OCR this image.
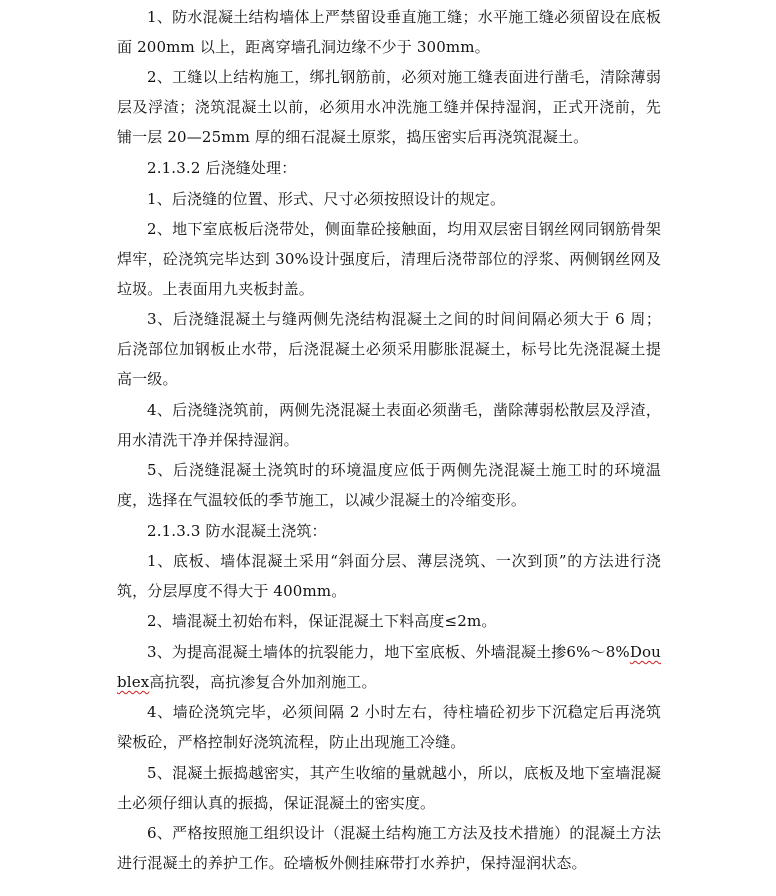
1、防水混凝土结构墙体上严禁留设垂直施工缝；水平施工缝必须留设在底板面 200mm 以上，距离穿墙孔洞边缘不少于 300mm。

2、工缝以上结构施工，绑扎钢筋前，必须对施工缝表面进行凿毛，清除薄弱层及浮渣；浇筑混凝土以前，必须用水冲洗施工缝并保持湿润，正式开浇前，先铺一层 20—25mm 厚的细石混凝土原浆，捣压密实后再浇筑混凝土。

2.1.3.2 后浇缝处理：

1、后浇缝的位置、形式、尺寸必须按照设计的规定。

2、地下室底板后浇带处，侧面靠砼接触面，均用双层密目钢丝网同钢筋骨架焊牢，砼浇筑完毕达到 30%设计强度后，清理后浇带部位的浮浆、两侧钢丝网及垃圾。上表面用九夹板封盖。

3、后浇缝混凝土与缝两侧先浇结构混凝土之间的时间间隔必须大于 6 周；后浇部位加钢板止水带，后浇混凝土必须采用膨胀混凝土，标号比先浇混凝土提高一级。

4、后浇缝浇筑前，两侧先浇混凝土表面必须凿毛，凿除薄弱松散层及浮渣，用水清洗干净并保持湿润。

5、后浇缝混凝土浇筑时的环境温度应低于两侧先浇混凝土施工时的环境温度，选择在气温较低的季节施工，以减少混凝土的冷缩变形。

2.1.3.3 防水混凝土浇筑：

1、底板、墙体混凝土采用“斜面分层、薄层浇筑、一次到顶”的方法进行浇筑，分层厚度不得大于 400mm。

2、墙混凝土初始布料，保证混凝土下料高度≤2m。

3、为提高混凝土墙体的抗裂能力，地下室底板、外墙混凝土掺6%～8%Doublex高抗裂，高抗渗复合外加剂施工。

4、墙砼浇筑完毕，必须间隔 2 小时左右，待柱墙砼初步下沉稳定后再浇筑梁板砼，严格控制好浇筑流程，防止出现施工冷缝。

5、混凝土振捣越密实，其产生收缩的量就越小，所以，底板及地下室墙混凝土必须仔细认真的振捣，保证混凝土的密实度。

6、严格按照施工组织设计（混凝土结构施工方法及技术措施）的混凝土方法进行混凝土的养护工作。砼墙板外侧挂麻带打水养护，保持湿润状态。
